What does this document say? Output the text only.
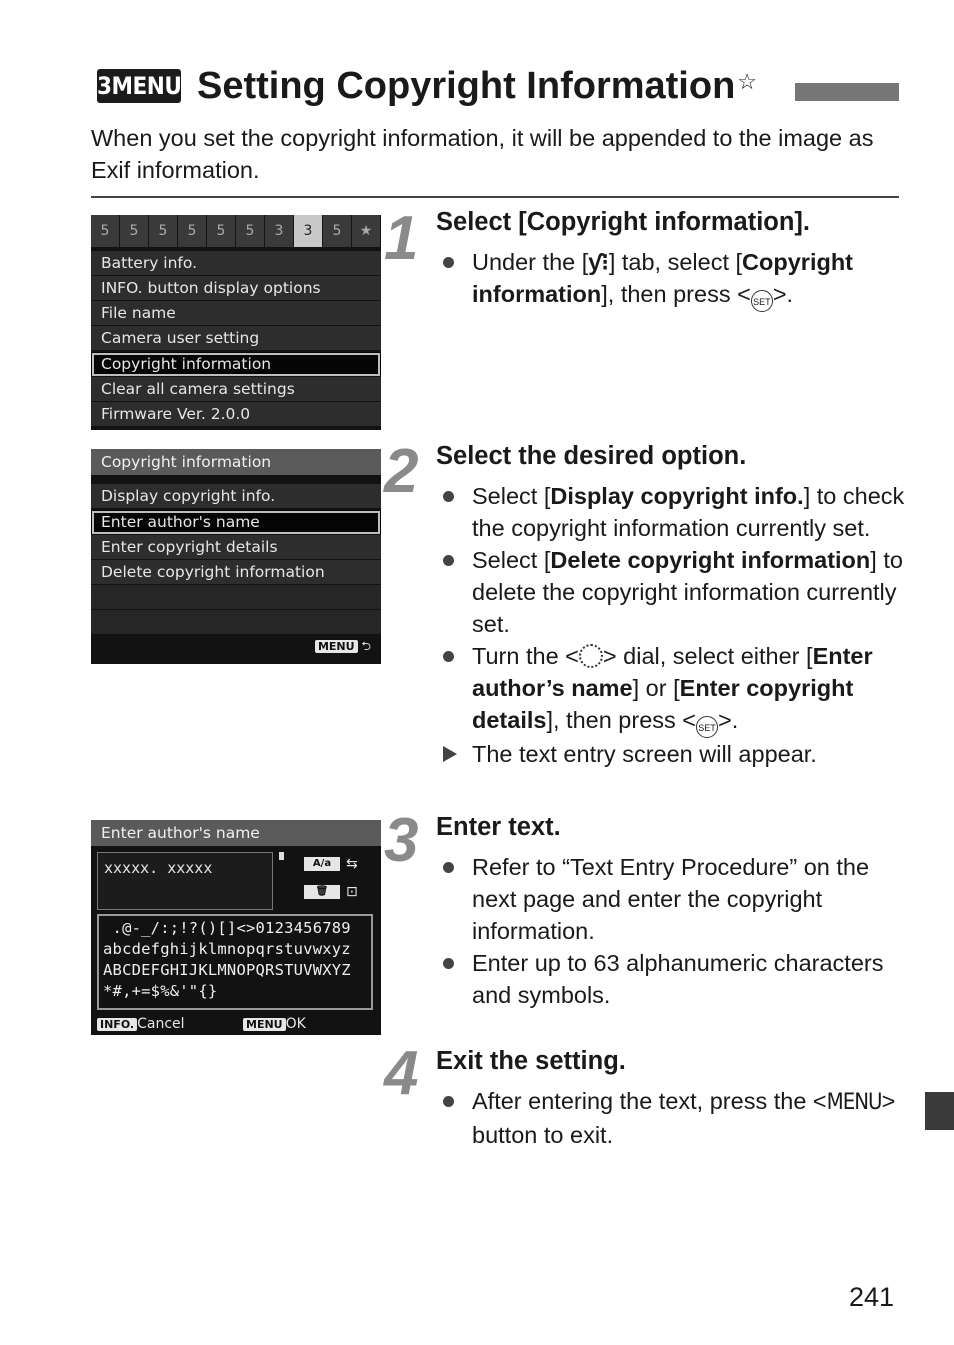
3MENU Setting Copyright Information☆
When you set the copyright information, it will be appended to the image as Exif information.
5	5	5	5	5	5	3	3	5	★
Battery info.
INFO. button display options
File name
Camera user setting
Copyright information
Clear all camera settings
Firmware Ver. 2.0.0
Copyright information
Display copyright info.
Enter author's name
Enter copyright details
Delete copyright information
MENU ⮌
Enter author's name
xxxxx. xxxxx	A/a	⇆
🗑	⊡
.@-_/:;!?()[]<>0123456789
abcdefghijklmnopqrstuvwxyz
ABCDEFGHIJKLMNOPQRSTUVWXYZ
*#,+=$%&'"{}
INFO. Cancel	MENU OK
1 Select [Copyright information].
Under the [ƴ⁝] tab, select [Copyright information], then press < SET>.
2 Select the desired option.
Select [Display copyright info.] to check the copyright information currently set.
Select [Delete copyright information] to delete the copyright information currently set.
Turn the < > dial, select either [Enter author’s name] or [Enter copyright details], then press < SET>.
The text entry screen will appear.
3 Enter text.
Refer to “Text Entry Procedure” on the next page and enter the copyright information.
Enter up to 63 alphanumeric characters and symbols.
4 Exit the setting.
After entering the text, press the <MENU> button to exit.
241
